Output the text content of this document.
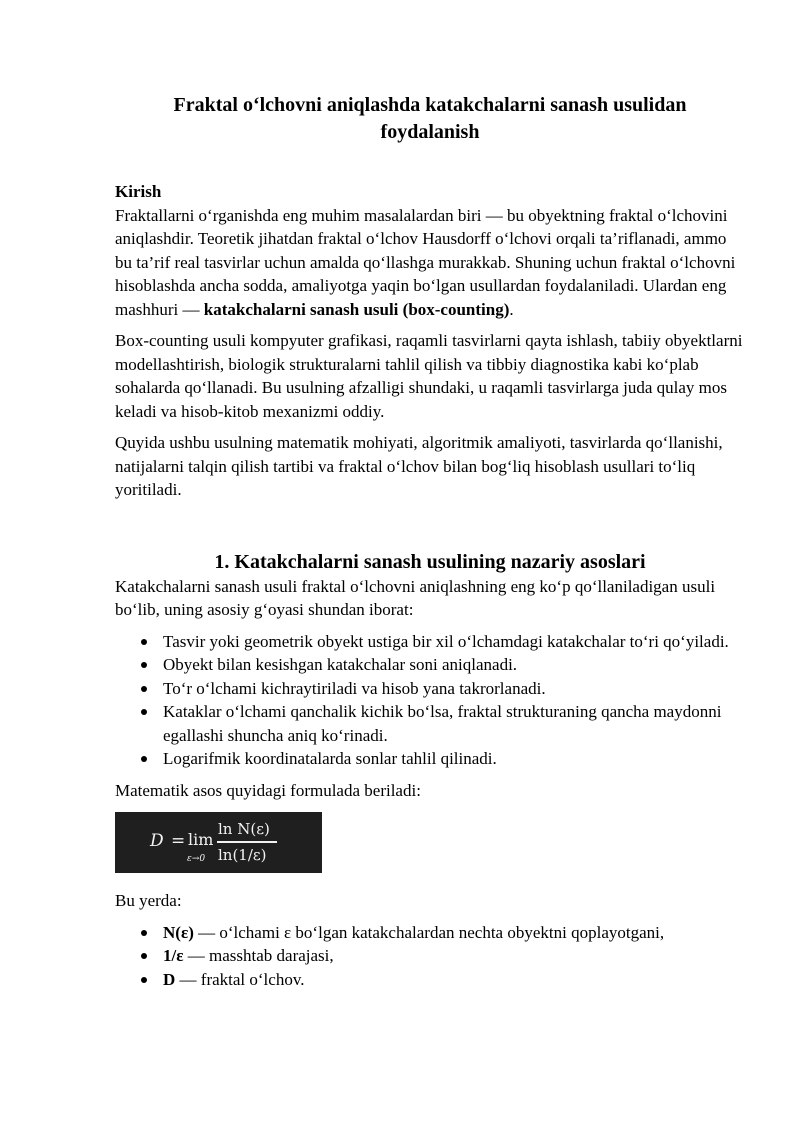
Fraktal o‘lchovni aniqlashda katakchalarni sanash usulidan foydalanish
Kirish

Fraktallarni o‘rganishda eng muhim masalalardan biri — bu obyektning fraktal o‘lchovini aniqlashdir. Teoretik jihatdan fraktal o‘lchov Hausdorff o‘lchovi orqali ta’riflanadi, ammo bu ta’rif real tasvirlar uchun amalda qo‘llashga murakkab. Shuning uchun fraktal o‘lchovni hisoblashda ancha sodda, amaliyotga yaqin bo‘lgan usullardan foydalaniladi. Ulardan eng mashhuri — katakchalarni sanash usuli (box-counting).

Box-counting usuli kompyuter grafikasi, raqamli tasvirlarni qayta ishlash, tabiiy obyektlarni modellashtirish, biologik strukturalarni tahlil qilish va tibbiy diagnostika kabi ko‘plab sohalarda qo‘llanadi. Bu usulning afzalligi shundaki, u raqamli tasvirlarga juda qulay mos keladi va hisob-kitob mexanizmi oddiy.

Quyida ushbu usulning matematik mohiyati, algoritmik amaliyoti, tasvirlarda qo‘llanishi, natijalarni talqin qilish tartibi va fraktal o‘lchov bilan bog‘liq hisoblash usullari to‘liq yoritiladi.

1. Katakchalarni sanash usulining nazariy asoslari

Katakchalarni sanash usuli fraktal o‘lchovni aniqlashning eng ko‘p qo‘llaniladigan usuli bo‘lib, uning asosiy g‘oyasi shundan iborat:

Tasvir yoki geometrik obyekt ustiga bir xil o‘lchamdagi katakchalar to‘ri qo‘yiladi.
Obyekt bilan kesishgan katakchalar soni aniqlanadi.
To‘r o‘lchami kichraytiriladi va hisob yana takrorlanadi.
Kataklar o‘lchami qanchalik kichik bo‘lsa, fraktal strukturaning qancha maydonni egallashi shuncha aniq ko‘rinadi.
Logarifmik koordinatalarda sonlar tahlil qilinadi.

Matematik asos quyidagi formulada beriladi:

D = lim
ε→0
ln N(ε)
ln(1/ε)

Bu yerda:

N(ε) — o‘lchami ε bo‘lgan katakchalardan nechta obyektni qoplayotgani,
1/ε — masshtab darajasi,
D — fraktal o‘lchov.
